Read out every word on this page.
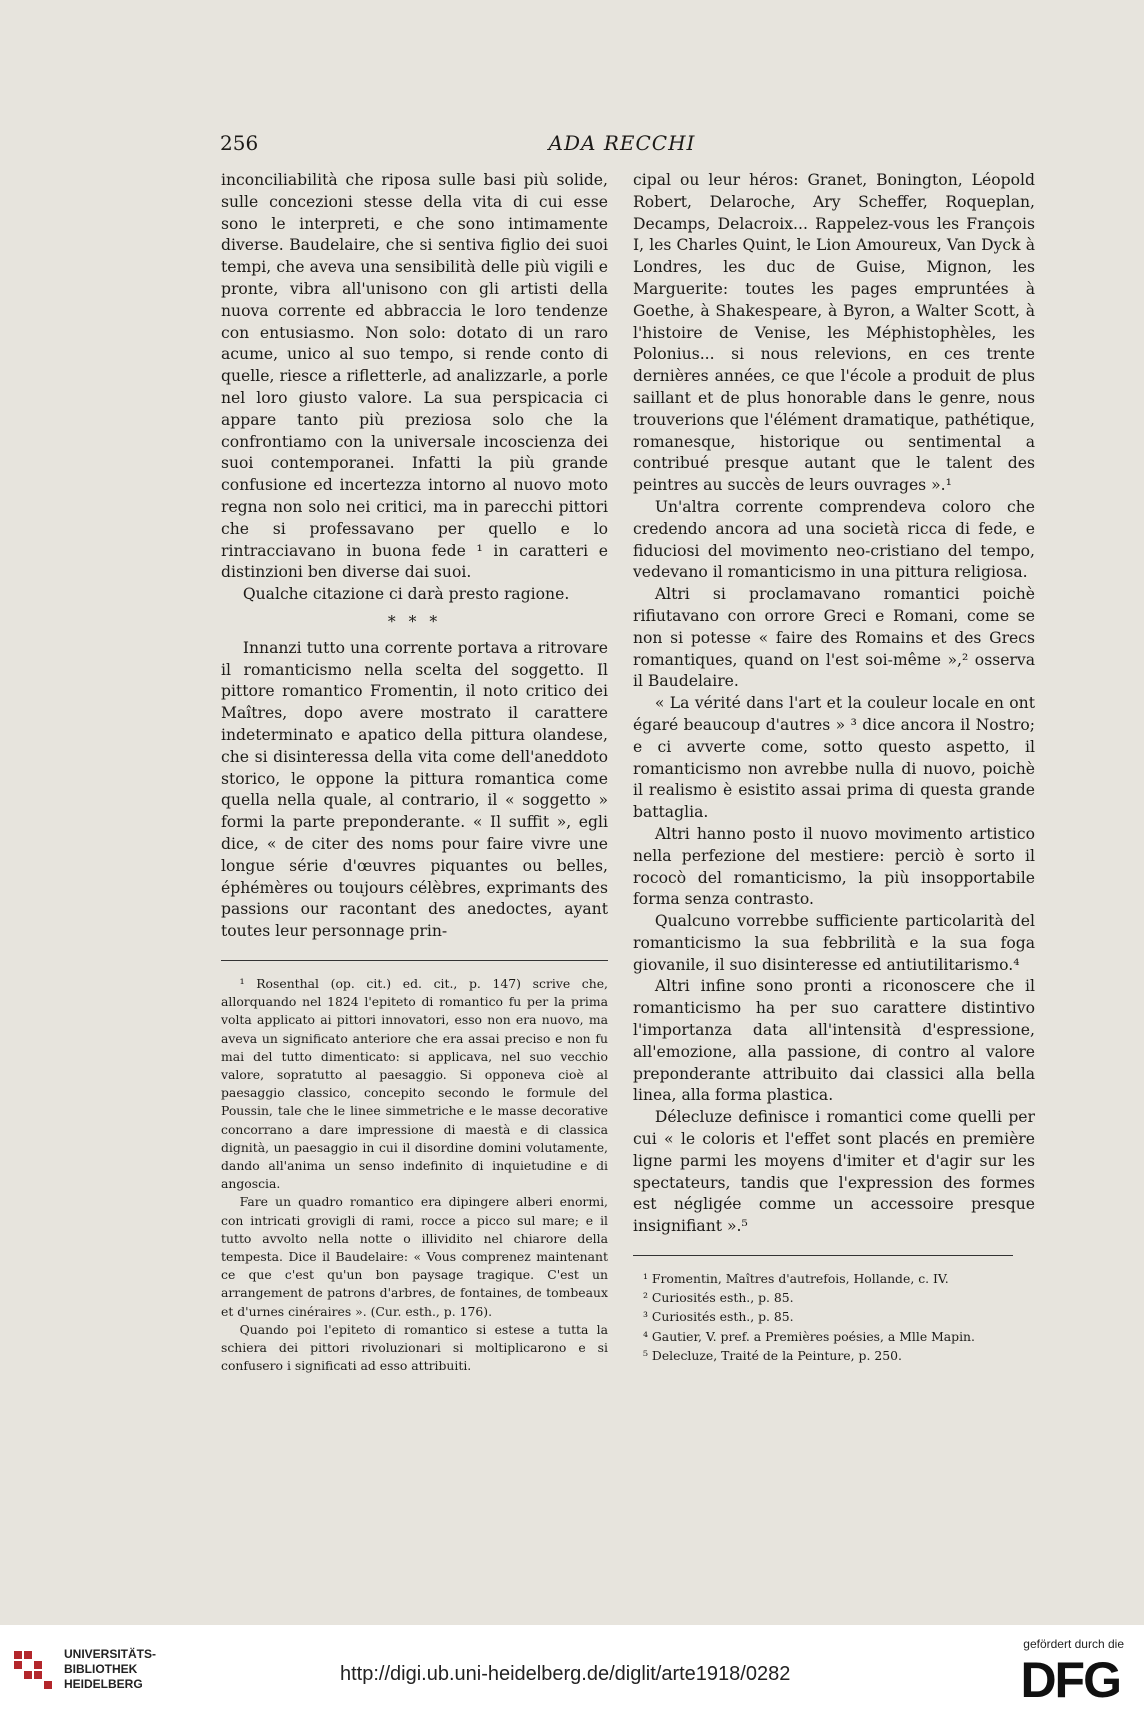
256	ADA RECCHI

inconciliabilità che riposa sulle basi più solide, sulle concezioni stesse della vita di cui esse sono le interpreti, e che sono intimamente diverse. Baudelaire, che si sentiva figlio dei suoi tempi, che aveva una sensibilità delle più vigili e pronte, vibra all'unisono con gli artisti della nuova corrente ed abbraccia le loro tendenze con entusiasmo. Non solo: dotato di un raro acume, unico al suo tempo, si rende conto di quelle, riesce a rifletterle, ad analizzarle, a porle nel loro giusto valore. La sua perspicacia ci appare tanto più preziosa solo che la confrontiamo con la universale incoscienza dei suoi contemporanei. Infatti la più grande confusione ed incertezza intorno al nuovo moto regna non solo nei critici, ma in parecchi pittori che si professavano per quello e lo rintracciavano in buona fede ¹ in caratteri e distinzioni ben diverse dai suoi.

Qualche citazione ci darà presto ragione.

* * *

Innanzi tutto una corrente portava a ritrovare il romanticismo nella scelta del soggetto. Il pittore romantico Fromentin, il noto critico dei Maîtres, dopo avere mostrato il carattere indeterminato e apatico della pittura olandese, che si disinteressa della vita come dell'aneddoto storico, le oppone la pittura romantica come quella nella quale, al contrario, il « soggetto » formi la parte preponderante. « Il suffit », egli dice, « de citer des noms pour faire vivre une longue série d'œuvres piquantes ou belles, éphémères ou toujours célèbres, exprimants des passions our racontant des anedoctes, ayant toutes leur personnage prin-

¹ Rosenthal (op. cit.) ed. cit., p. 147) scrive che, allorquando nel 1824 l'epiteto di romantico fu per la prima volta applicato ai pittori innovatori, esso non era nuovo, ma aveva un significato anteriore che era assai preciso e non fu mai del tutto dimenticato: si applicava, nel suo vecchio valore, sopratutto al paesaggio. Si opponeva cioè al paesaggio classico, concepito secondo le formule del Poussin, tale che le linee simmetriche e le masse decorative concorrano a dare impressione di maestà e di classica dignità, un paesaggio in cui il disordine domini volutamente, dando all'anima un senso indefinito di inquietudine e di angoscia.

Fare un quadro romantico era dipingere alberi enormi, con intricati grovigli di rami, rocce a picco sul mare; e il tutto avvolto nella notte o illividito nel chiarore della tempesta. Dice il Baudelaire: « Vous comprenez maintenant ce que c'est qu'un bon paysage tragique. C'est un arrangement de patrons d'arbres, de fontaines, de tombeaux et d'urnes cinéraires ». (Cur. esth., p. 176).

Quando poi l'epiteto di romantico si estese a tutta la schiera dei pittori rivoluzionari si moltiplicarono e si confusero i significati ad esso attribuiti.

cipal ou leur héros: Granet, Bonington, Léopold Robert, Delaroche, Ary Scheffer, Roqueplan, Decamps, Delacroix... Rappelez-vous les François I, les Charles Quint, le Lion Amoureux, Van Dyck à Londres, les duc de Guise, Mignon, les Marguerite: toutes les pages empruntées à Goethe, à Shakespeare, à Byron, a Walter Scott, à l'histoire de Venise, les Méphistophèles, les Polonius... si nous relevions, en ces trente dernières années, ce que l'école a produit de plus saillant et de plus honorable dans le genre, nous trouverions que l'élément dramatique, pathétique, romanesque, historique ou sentimental a contribué presque autant que le talent des peintres au succès de leurs ouvrages ».¹

Un'altra corrente comprendeva coloro che credendo ancora ad una società ricca di fede, e fiduciosi del movimento neo-cristiano del tempo, vedevano il romanticismo in una pittura religiosa.

Altri si proclamavano romantici poichè rifiutavano con orrore Greci e Romani, come se non si potesse « faire des Romains et des Grecs romantiques, quand on l'est soi-même »,² osserva il Baudelaire.

« La vérité dans l'art et la couleur locale en ont égaré beaucoup d'autres » ³ dice ancora il Nostro; e ci avverte come, sotto questo aspetto, il romanticismo non avrebbe nulla di nuovo, poichè il realismo è esistito assai prima di questa grande battaglia.

Altri hanno posto il nuovo movimento artistico nella perfezione del mestiere: perciò è sorto il rococò del romanticismo, la più insopportabile forma senza contrasto.

Qualcuno vorrebbe sufficiente particolarità del romanticismo la sua febbrilità e la sua foga giovanile, il suo disinteresse ed antiutilitarismo.⁴

Altri infine sono pronti a riconoscere che il romanticismo ha per suo carattere distintivo l'importanza data all'intensità d'espressione, all'emozione, alla passione, di contro al valore preponderante attribuito dai classici alla bella linea, alla forma plastica.

Délecluze definisce i romantici come quelli per cui « le coloris et l'effet sont placés en première ligne parmi les moyens d'imiter et d'agir sur les spectateurs, tandis que l'expression des formes est négligée comme un accessoire presque insignifiant ».⁵

¹ Fromentin, Maîtres d'autrefois, Hollande, c. IV.

² Curiosités esth., p. 85.

³ Curiosités esth., p. 85.

⁴ Gautier, V. pref. a Premières poésies, a Mlle Mapin.

⁵ Delecluze, Traité de la Peinture, p. 250.

UNIVERSITÄTS-
BIBLIOTHEK
HEIDELBERG	http://digi.ub.uni-heidelberg.de/diglit/arte1918/0282
gefördert durch die
DFG
